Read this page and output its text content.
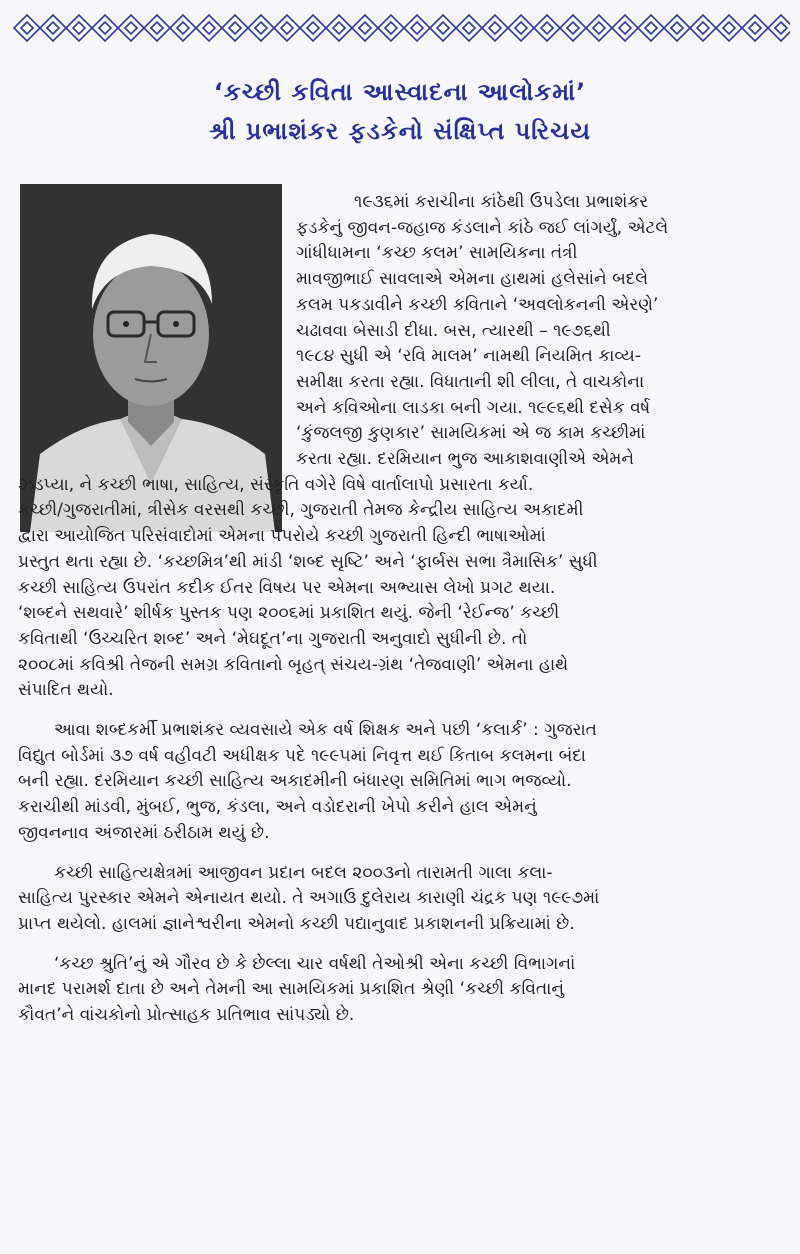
‘કચ્છી કવિતા આસ્વાદના આલોકમાં’
શ્રી પ્રભાશંકર ફડકેનો સંક્ષિપ્ત પરિચય

૧૯૩૬માં કરાચીના કાંઠેથી ઉપડેલા પ્રભાશંકર

ફડકેનું જીવન-જહાજ કંડલાને કાંઠે જઈ લાંગર્યું, એટલે

ગાંધીધામના ‘કચ્છ કલમ’ સામયિકના તંત્રી

માવજીભાઈ સાવલાએ એમના હાથમાં હલેસાંને બદલે

કલમ પકડાવીને કચ્છી કવિતાને ‘અવલોકનની એરણે’

ચઢાવવા બેસાડી દીધા. બસ, ત્યારથી – ૧૯૭૬થી

૧૯૮૪ સુધી એ ‘રવિ માલમ’ નામથી નિયમિત કાવ્ય-

સમીક્ષા કરતા રહ્યા. વિધાતાની શી લીલા, તે વાચકોના

અને કવિઓના લાડકા બની ગયા. ૧૯૯૬થી દસેક વર્ષ

‘કુંજલજી કુણકાર’ સામયિકમાં એ જ કામ કચ્છીમાં

કરતા રહ્યા. દરમિયાન ભુજ આકાશવાણીએ એમને

ઝડપ્યા, ને કચ્છી ભાષા, સાહિત્ય, સંસ્કૃતિ વગેરે વિષે વાર્તાલાપો પ્રસારતા કર્યા.

કચ્છી/ગુજરાતીમાં, ત્રીસેક વરસથી કચ્છી, ગુજરાતી તેમજ કેન્દ્રીય સાહિત્ય અકાદમી

દ્વારા આયોજિત પરિસંવાદોમાં એમના પેપરોયે કચ્છી ગુજરાતી હિન્દી ભાષાઓમાં

પ્રસ્તુત થતા રહ્યા છે. ‘કચ્છમિત્ર’થી માંડી ‘શબ્દ સૃષ્ટિ’ અને ‘ફાર્બસ સભા ત્રૈમાસિક’ સુધી

કચ્છી સાહિત્ય ઉપરાંત કદીક ઈતર વિષય પર એમના અભ્યાસ લેખો પ્રગટ થયા.

‘શબ્દને સથવારે’ શીર્ષક પુસ્તક પણ ૨૦૦૬માં પ્રકાશિત થયું. જેની ‘રેઈન્જ’ કચ્છી

કવિતાથી ‘ઉચ્ચરિત શબ્દ’ અને ‘મેઘદૂત’ના ગુજરાતી અનુવાદો સુધીની છે. તો

૨૦૦૮માં કવિશ્રી તેજની સમગ્ર કવિતાનો બૃહત્ સંચય-ગ્રંથ ‘તેજવાણી’ એમના હાથે

સંપાદિત થયો.

આવા શબ્દકર્મી પ્રભાશંકર વ્યવસાયે એક વર્ષ શિક્ષક અને પછી ‘કલાર્ક’ : ગુજરાત

વિદ્યુત બોર્ડમાં ૩૭ વર્ષ વહીવટી અધીક્ષક પદે ૧૯૯૫માં નિવૃત્ત થઈ કિતાબ કલમના બંદા

બની રહ્યા. દરમિયાન કચ્છી સાહિત્ય અકાદમીની બંધારણ સમિતિમાં ભાગ ભજવ્યો.

કરાચીથી માંડવી, મુંબઈ, ભુજ, કંડલા, અને વડોદરાની ખેપો કરીને હાલ એમનું

જીવનનાવ અંજારમાં ઠરીઠામ થયું છે.

કચ્છી સાહિત્યક્ષેત્રમાં આજીવન પ્રદાન બદલ ૨૦૦૩નો તારામતી ગાલા કલા-

સાહિત્ય પુરસ્કાર એમને એનાયત થયો. તે અગાઉ દુલેરાય કારાણી ચંદ્રક પણ ૧૯૯૭માં

પ્રાપ્ત થયેલો. હાલમાં જ્ઞાનેશ્વરીના એમનો કચ્છી પદ્યાનુવાદ પ્રકાશનની પ્રક્રિયામાં છે.

‘કચ્છ શ્રુતિ’નું એ ગૌરવ છે કે છેલ્લા ચાર વર્ષથી તેઓશ્રી એના કચ્છી વિભાગનાં

માનદ પરામર્શ દાતા છે અને તેમની આ સામયિકમાં પ્રકાશિત શ્રેણી ‘કચ્છી કવિતાનું

કૌવત’ને વાંચકોનો પ્રોત્સાહક પ્રતિભાવ સાંપડ્યો છે.
